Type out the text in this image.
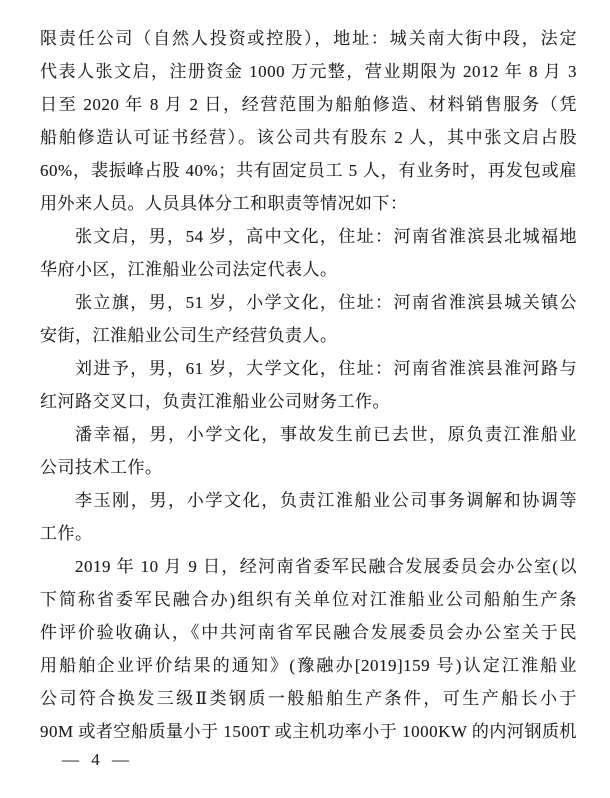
限责任公司（自然人投资或控股），地址：城关南大街中段，法定
代表人张文启，注册资金 1000 万元整，营业期限为 2012 年 8 月 3
日至 2020 年 8 月 2 日，经营范围为船舶修造、材料销售服务（凭
船舶修造认可证书经营）。该公司共有股东 2 人，其中张文启占股
60%，裴振峰占股 40%；共有固定员工 5 人，有业务时，再发包或雇
用外来人员。人员具体分工和职责等情况如下：
张文启，男，54 岁，高中文化，住址：河南省淮滨县北城福地
华府小区，江淮船业公司法定代表人。
张立旗，男，51 岁，小学文化，住址：河南省淮滨县城关镇公
安街，江淮船业公司生产经营负责人。
刘进予，男，61 岁，大学文化，住址：河南省淮滨县淮河路与
红河路交叉口，负责江淮船业公司财务工作。
潘幸福，男，小学文化，事故发生前已去世，原负责江淮船业
公司技术工作。
李玉刚，男，小学文化，负责江淮船业公司事务调解和协调等
工作。
2019 年 10 月 9 日，经河南省委军民融合发展委员会办公室(以
下简称省委军民融合办)组织有关单位对江淮船业公司船舶生产条
件评价验收确认，《中共河南省军民融合发展委员会办公室关于民
用船舶企业评价结果的通知》(豫融办[2019]159 号)认定江淮船业
公司符合换发三级Ⅱ类钢质一般船舶生产条件，可生产船长小于
90M 或者空船质量小于 1500T 或主机功率小于 1000KW 的内河钢质机
— 4 —
